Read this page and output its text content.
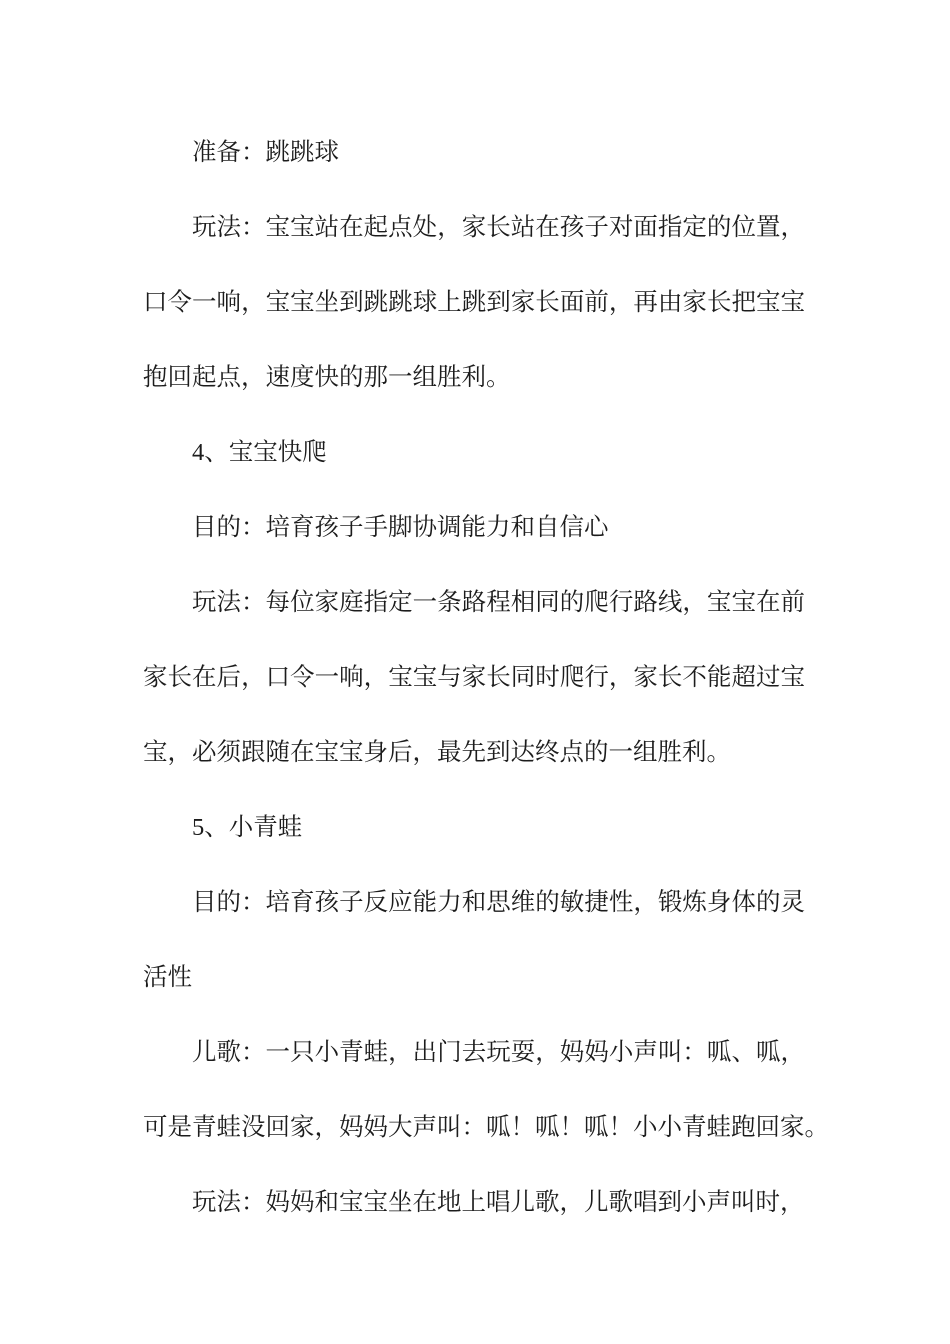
准备：跳跳球
玩法：宝宝站在起点处，家长站在孩子对面指定的位置，
口令一响，宝宝坐到跳跳球上跳到家长面前，再由家长把宝宝
抱回起点，速度快的那一组胜利。
4、宝宝快爬
目的：培育孩子手脚协调能力和自信心
玩法：每位家庭指定一条路程相同的爬行路线，宝宝在前
家长在后，口令一响，宝宝与家长同时爬行，家长不能超过宝
宝，必须跟随在宝宝身后，最先到达终点的一组胜利。
5、小青蛙
目的：培育孩子反应能力和思维的敏捷性，锻炼身体的灵
活性
儿歌：一只小青蛙，出门去玩耍，妈妈小声叫：呱、呱，
可是青蛙没回家，妈妈大声叫：呱！呱！呱！小小青蛙跑回家。
玩法：妈妈和宝宝坐在地上唱儿歌，儿歌唱到小声叫时，
